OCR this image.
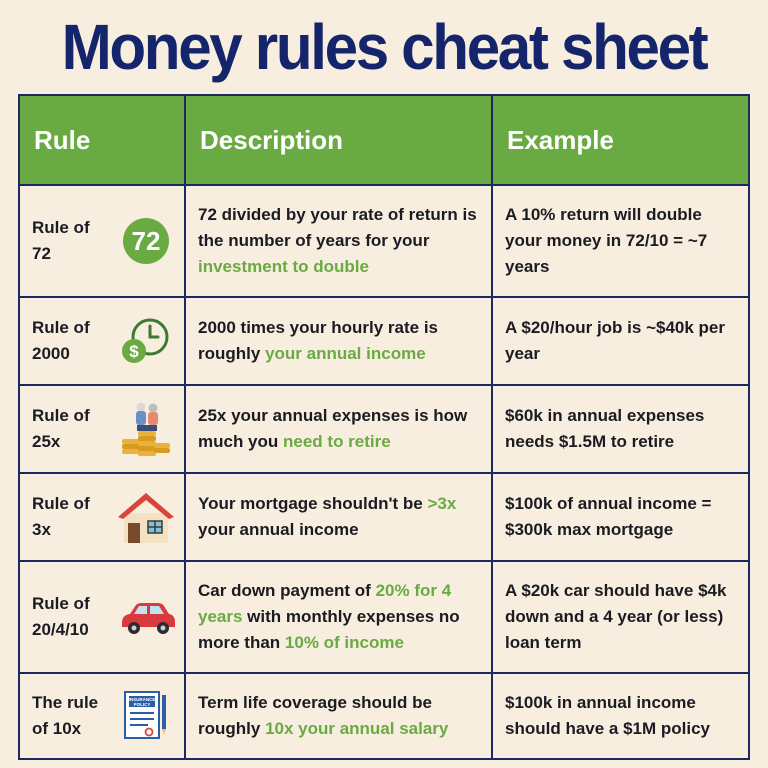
Money rules cheat sheet
Rule	Description	Example

Rule of
72 72	72 divided by your rate of return is the number of years for your investment to double	A 10% return will double your money in 72/10 = ~7 years

Rule of
2000 $	2000 times your hourly rate is roughly your annual income	A $20/hour job is ~$40k per year

Rule of
25x	25x your annual expenses is how much you need to retire	$60k in annual expenses needs $1.5M to retire

Rule of
3x	Your mortgage shouldn't be >3x your annual income	$100k of annual income = $300k max mortgage

Rule of
20/4/10	Car down payment of 20% for 4 years with monthly expenses no more than 10% of income	A $20k car should have $4k down and a 4 year (or less) loan term

The rule
of 10x
INSURANCE
POLICY	Term life coverage should be roughly 10x your annual salary	$100k in annual income should have a $1M policy
